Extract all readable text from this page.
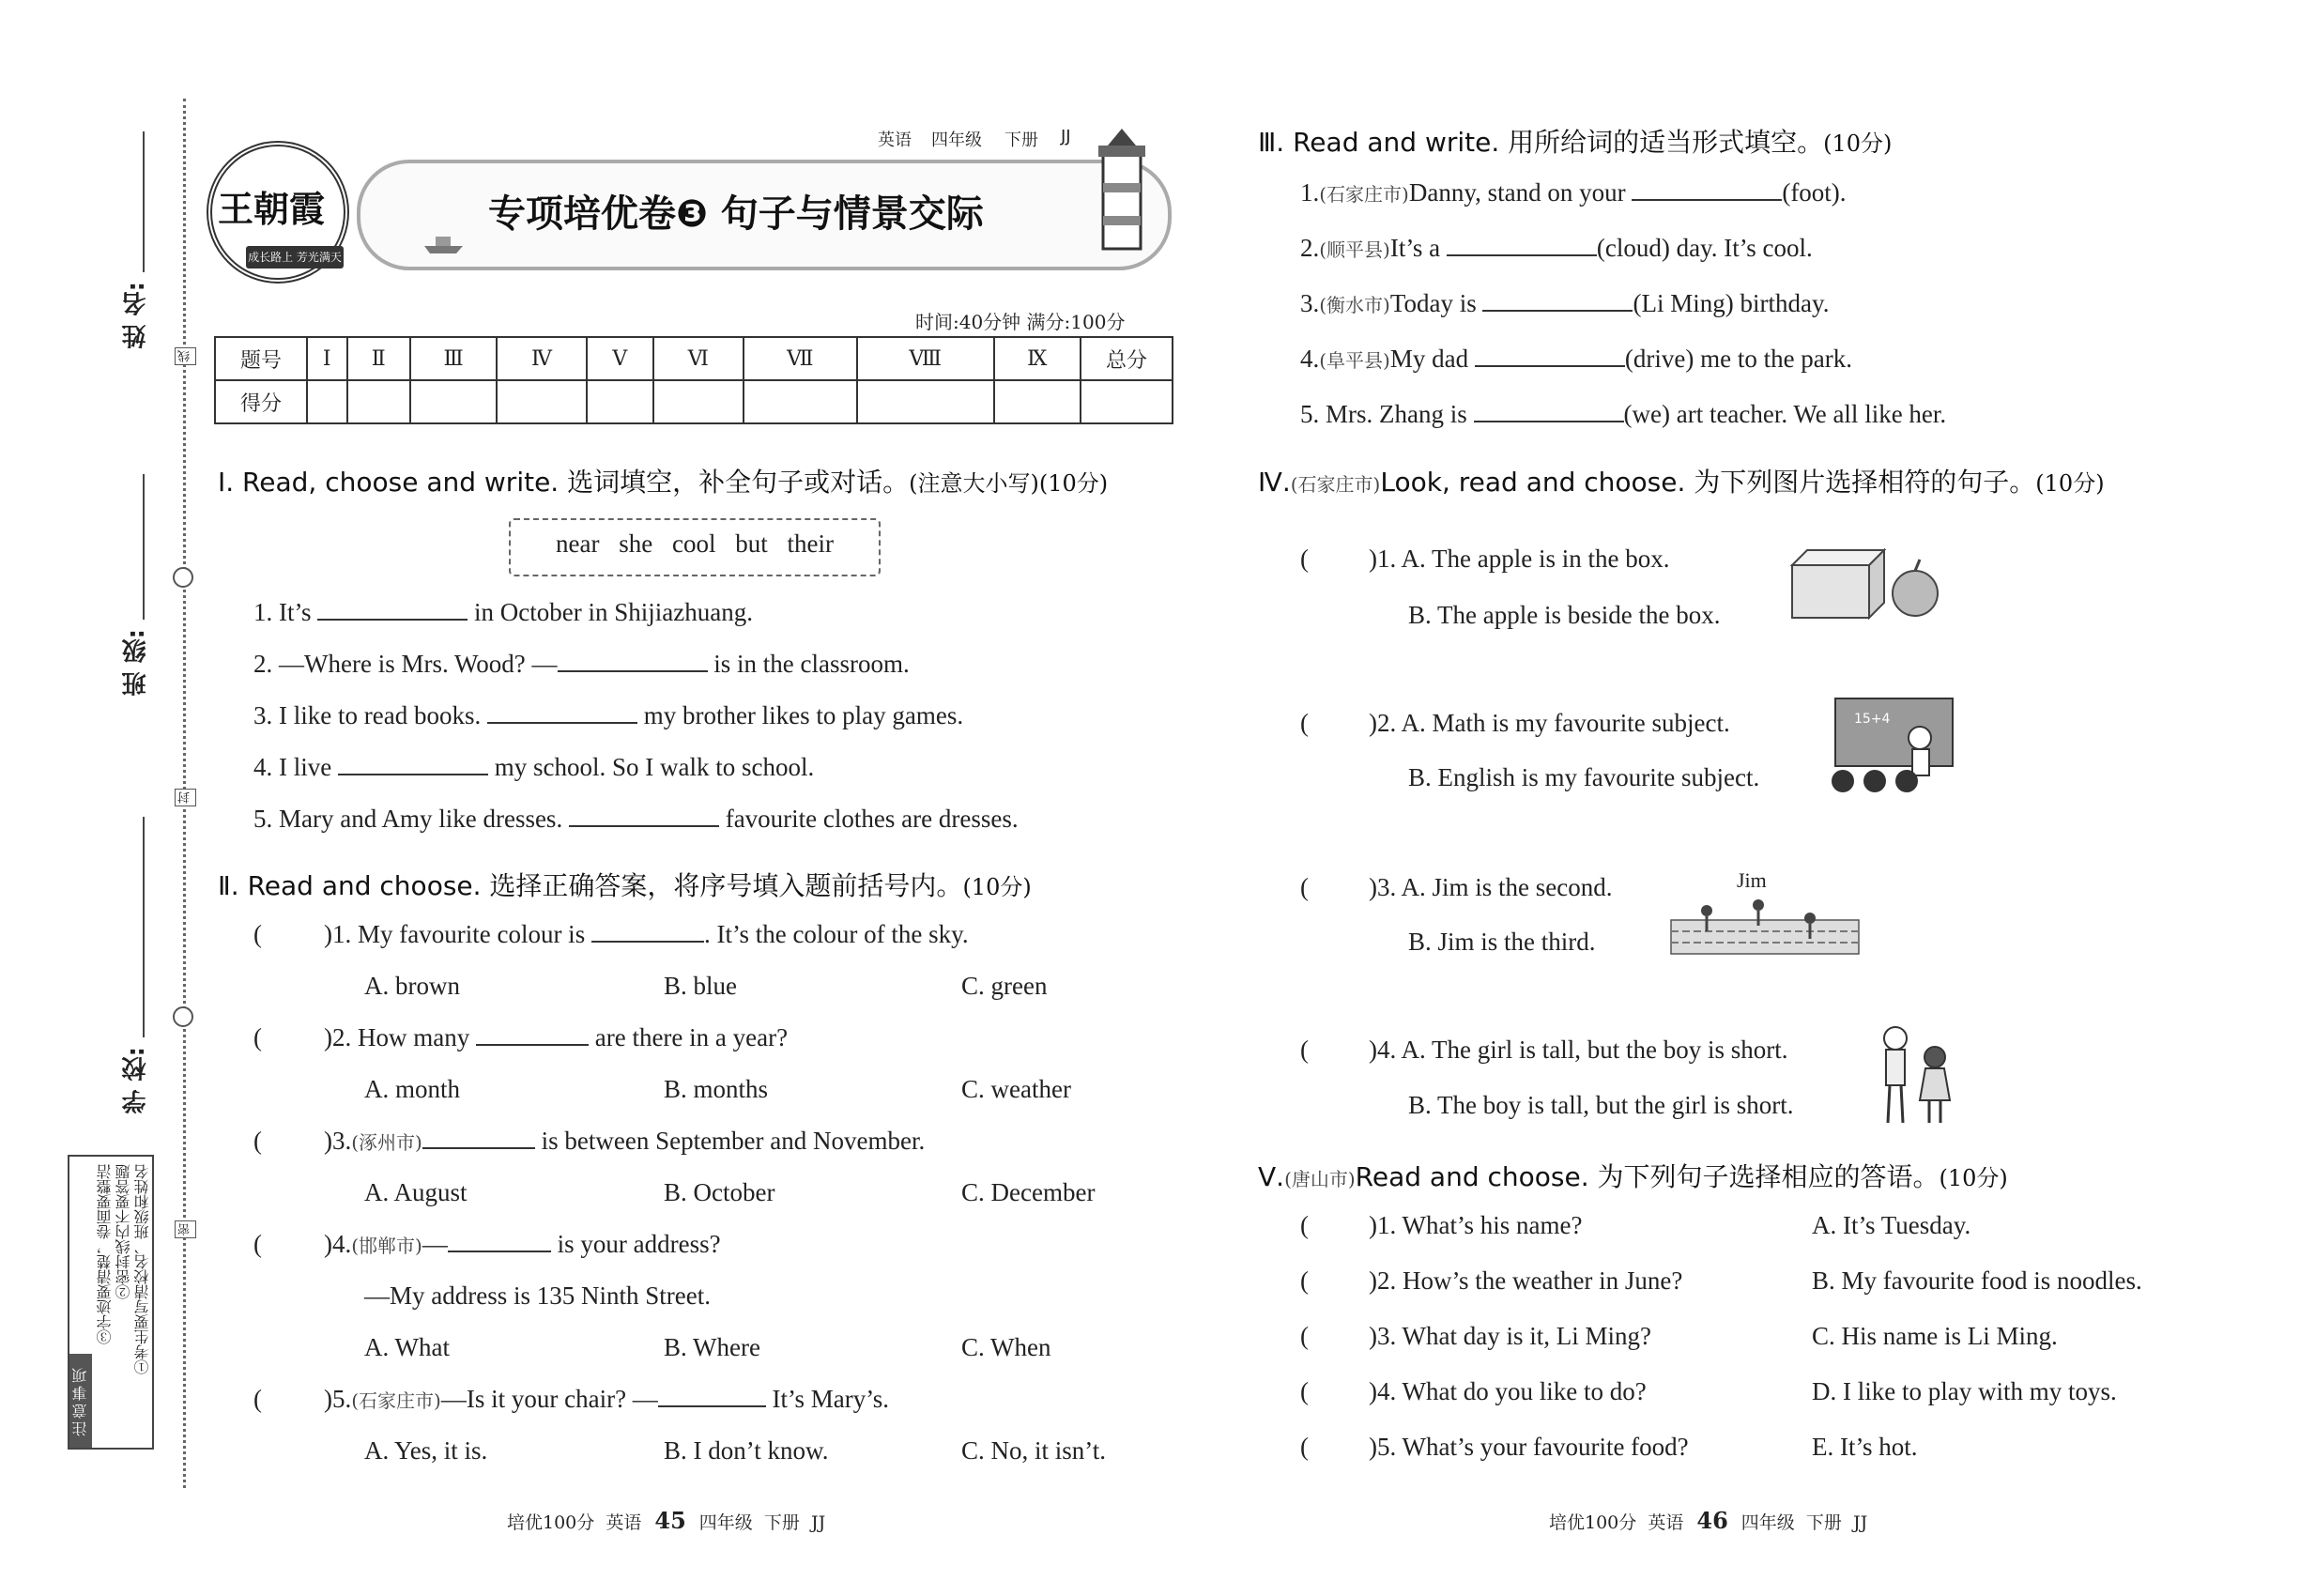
姓 名:
班 级:
学 校:
线
封
密
注意事项
③字迹要清楚，卷面要整洁 ②密封线内不要答题 ①考生要写清校名、班级和姓名
王朝霞
成长路上 芳光满天
英语 四年级 下册 JJ
专项培优卷❸ 句子与情景交际
时间:40分钟 满分:100分
题号	I	Ⅱ	Ⅲ	Ⅳ	V	Ⅵ	Ⅶ	Ⅷ	Ⅸ	总分
得分										
Ⅰ. Read, choose and write. 选词填空，补全句子或对话。(注意大小写)(10分)
near she cool but their
1. It’s	in October in Shijiazhuang.
2. —Where is Mrs. Wood? —	is in the classroom.
3. I like to read books.	my brother likes to play games.
4. I live	my school. So I walk to school.
5. Mary and Amy like dresses.	favourite clothes are dresses.
Ⅱ. Read and choose. 选择正确答案，将序号填入题前括号内。(10分)
( )1. My favourite colour is	. It’s the colour of the sky.
A. brown	B. blue	C. green
( )2. How many	are there in a year?
A. month	B. months	C. weather
( )3.(涿州市)	is between September and November.
A. August	B. October	C. December
( )4.(邯郸市)—	is your address?
—My address is 135 Ninth Street.
A. What	B. Where	C. When
( )5.(石家庄市)—Is it your chair? —	It’s Mary’s.
A. Yes, it is.	B. I don’t know.	C. No, it isn’t.
培优100分 英语 45 四年级 下册 JJ
Ⅲ. Read and write. 用所给词的适当形式填空。(10分)
1.(石家庄市)Danny, stand on your	(foot).
2.(顺平县)It’s a	(cloud) day. It’s cool.
3.(衡水市)Today is	(Li Ming) birthday.
4.(阜平县)My dad	(drive) me to the park.
5. Mrs. Zhang is	(we) art teacher. We all like her.
Ⅳ.(石家庄市)Look, read and choose. 为下列图片选择相符的句子。(10分)
( )1. A. The apple is in the box.
B. The apple is beside the box.
( )2. A. Math is my favourite subject.
B. English is my favourite subject.
15+4
( )3. A. Jim is the second.
B. Jim is the third.
Jim
( )4. A. The girl is tall, but the boy is short.
B. The boy is tall, but the girl is short.
Ⅴ.(唐山市)Read and choose. 为下列句子选择相应的答语。(10分)
( )1. What’s his name?	A. It’s Tuesday.
( )2. How’s the weather in June?	B. My favourite food is noodles.
( )3. What day is it, Li Ming?	C. His name is Li Ming.
( )4. What do you like to do?	D. I like to play with my toys.
( )5. What’s your favourite food?	E. It’s hot.
培优100分 英语 46 四年级 下册 JJ
